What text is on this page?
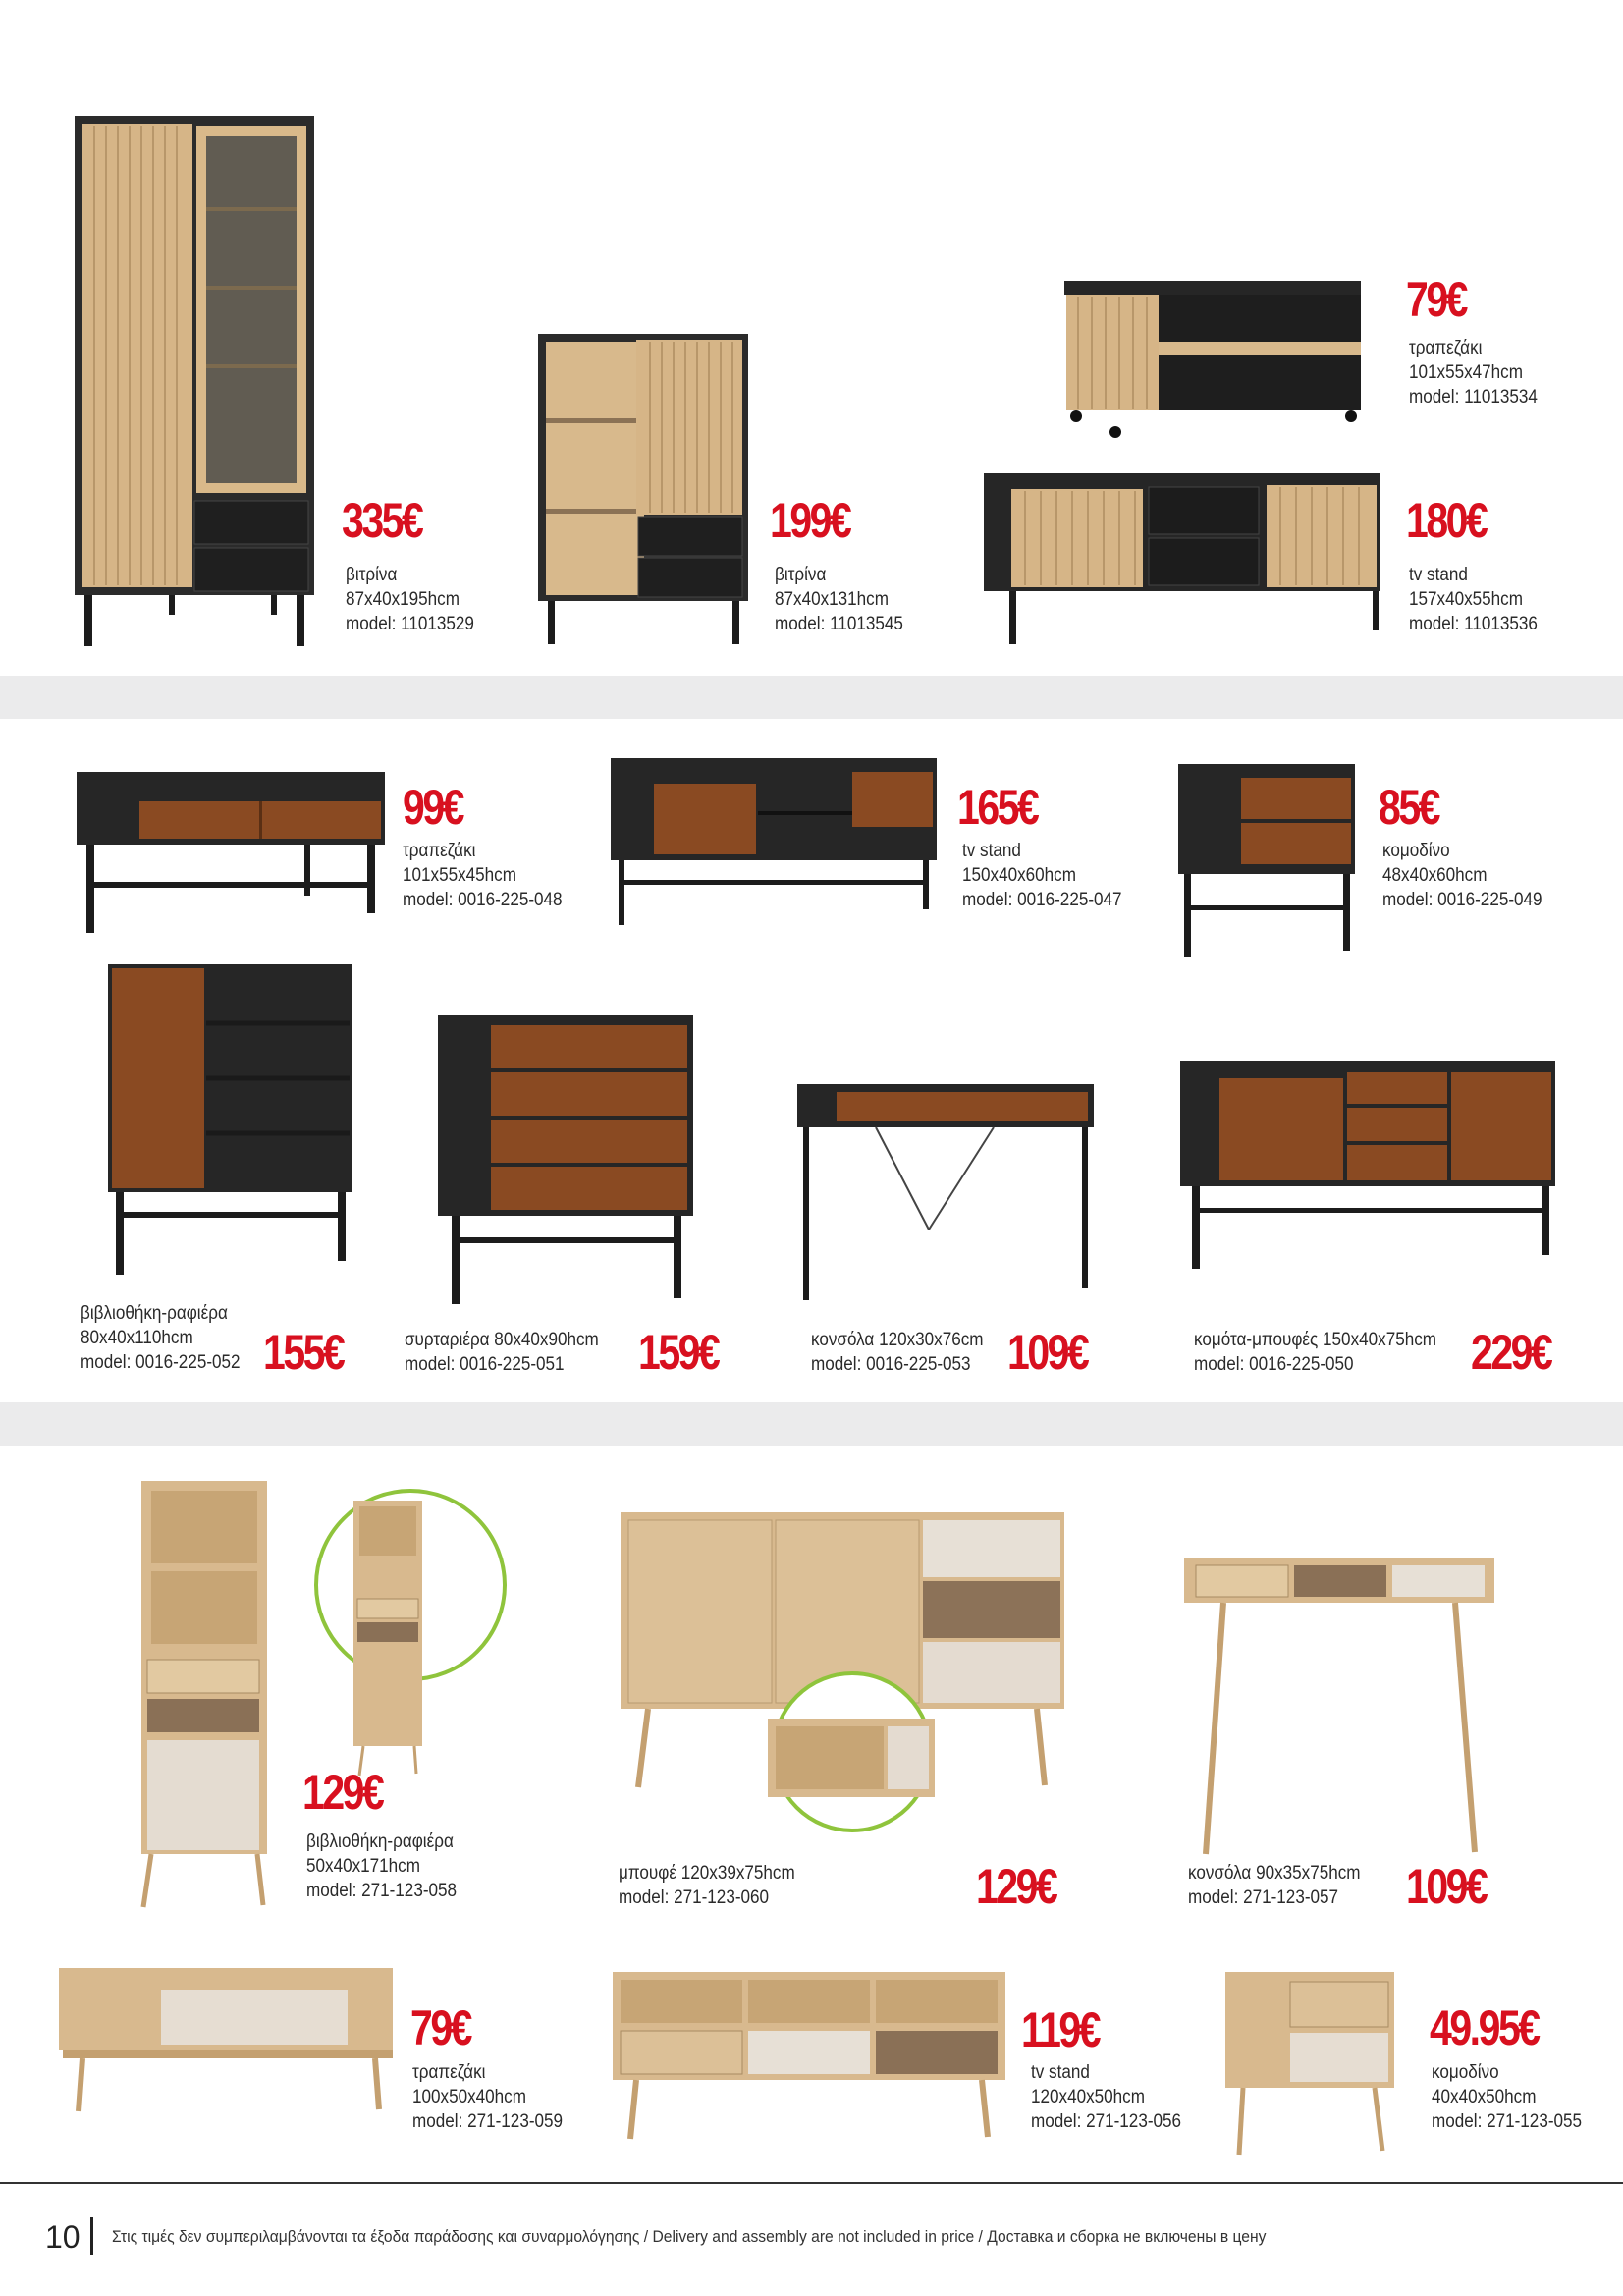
335€
βιτρίνα
87x40x195hcm
model: 11013529
199€
βιτρίνα
87x40x131hcm
model: 11013545
79€
τραπεζάκι
101x55x47hcm
model: 11013534
180€
tv stand
157x40x55hcm
model: 11013536
99€
τραπεζάκι
101x55x45hcm
model: 0016-225-048
165€
tv stand
150x40x60hcm
model: 0016-225-047
85€
κομοδίνο
48x40x60hcm
model: 0016-225-049
βιβλιοθήκη-ραφιέρα
80x40x110hcm
model: 0016-225-052 155€	συρταριέρα 80x40x90hcm
model: 0016-225-051	159€	κονσόλα 120x30x76cm
model: 0016-225-053 109€	κομότα-μπουφές 150x40x75hcm
model: 0016-225-050	229€
129€
βιβλιοθήκη-ραφιέρα
50x40x171hcm
model: 271-123-058
μπουφέ 120x39x75hcm
model: 271-123-060	129€	κονσόλα 90x35x75hcm
model: 271-123-057	109€
79€
τραπεζάκι
100x50x40hcm
model: 271-123-059
119€
tv stand
120x40x50hcm
model: 271-123-056
49.95€
κομοδίνο
40x40x50hcm
model: 271-123-055
10 Στις τιμές δεν συμπεριλαμβάνονται τα έξοδα παράδοσης και συναρμολόγησης / Delivery and assembly are not included in price / Доставка и сборка не включены в цену
